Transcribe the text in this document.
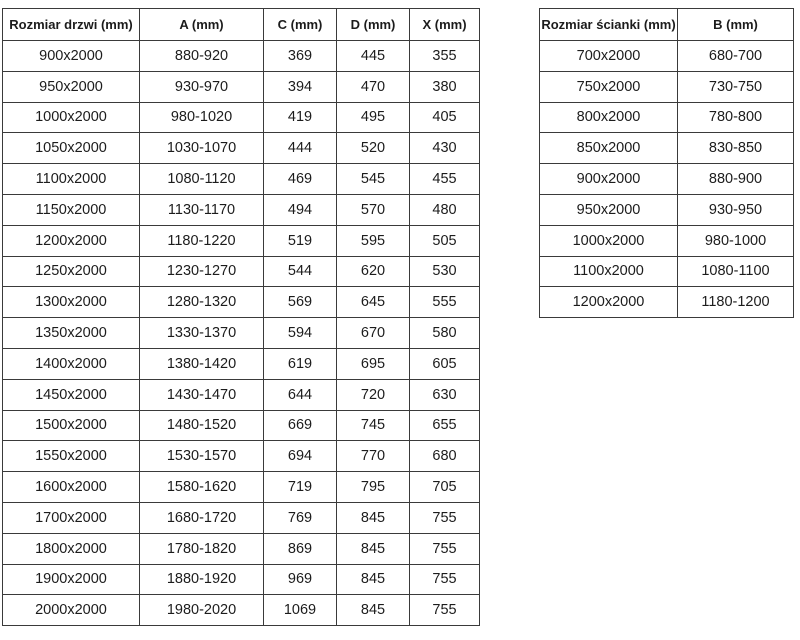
Rozmiar drzwi (mm)	A (mm)	C (mm)	D (mm)	X (mm)
900x2000	880-920	369	445	355
950x2000	930-970	394	470	380
1000x2000	980-1020	419	495	405
1050x2000	1030-1070	444	520	430
1100x2000	1080-1120	469	545	455
1150x2000	1130-1170	494	570	480
1200x2000	1180-1220	519	595	505
1250x2000	1230-1270	544	620	530
1300x2000	1280-1320	569	645	555
1350x2000	1330-1370	594	670	580
1400x2000	1380-1420	619	695	605
1450x2000	1430-1470	644	720	630
1500x2000	1480-1520	669	745	655
1550x2000	1530-1570	694	770	680
1600x2000	1580-1620	719	795	705
1700x2000	1680-1720	769	845	755
1800x2000	1780-1820	869	845	755
1900x2000	1880-1920	969	845	755
2000x2000	1980-2020	1069	845	755
Rozmiar ścianki (mm)	B (mm)
700x2000	680-700
750x2000	730-750
800x2000	780-800
850x2000	830-850
900x2000	880-900
950x2000	930-950
1000x2000	980-1000
1100x2000	1080-1100
1200x2000	1180-1200
